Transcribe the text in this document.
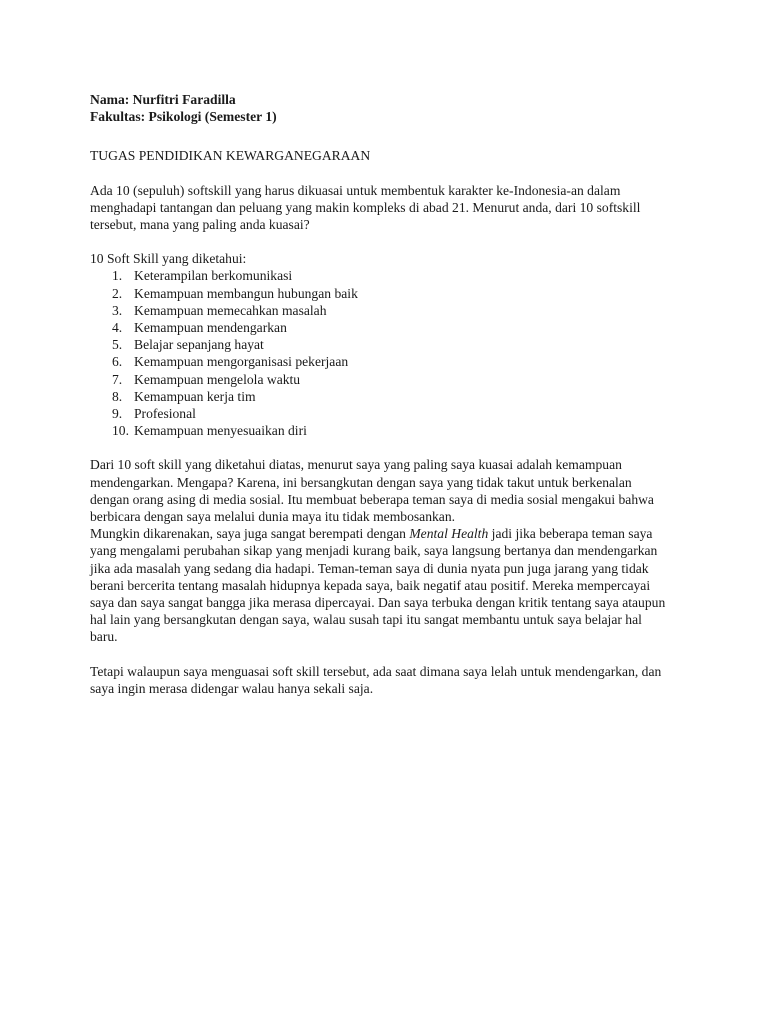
Nama: Nurfitri Faradilla

Fakultas: Psikologi (Semester 1)

TUGAS PENDIDIKAN KEWARGANEGARAAN

Ada 10 (sepuluh) softskill yang harus dikuasai untuk membentuk karakter ke-Indonesia-an dalam
menghadapi tantangan dan peluang yang makin kompleks di abad 21. Menurut anda, dari 10 softskill
tersebut, mana yang paling anda kuasai?
10 Soft Skill yang diketahui:
1. Keterampilan berkomunikasi
2. Kemampuan membangun hubungan baik
3. Kemampuan memecahkan masalah
4. Kemampuan mendengarkan
5. Belajar sepanjang hayat
6. Kemampuan mengorganisasi pekerjaan
7. Kemampuan mengelola waktu
8. Kemampuan kerja tim
9. Profesional
10. Kemampuan menyesuaikan diri
Dari 10 soft skill yang diketahui diatas, menurut saya yang paling saya kuasai adalah kemampuan
mendengarkan. Mengapa? Karena, ini bersangkutan dengan saya yang tidak takut untuk berkenalan
dengan orang asing di media sosial. Itu membuat beberapa teman saya di media sosial mengakui bahwa
berbicara dengan saya melalui dunia maya itu tidak membosankan.
Mungkin dikarenakan, saya juga sangat berempati dengan Mental Health jadi jika beberapa teman saya
yang mengalami perubahan sikap yang menjadi kurang baik, saya langsung bertanya dan mendengarkan
jika ada masalah yang sedang dia hadapi. Teman-teman saya di dunia nyata pun juga jarang yang tidak
berani bercerita tentang masalah hidupnya kepada saya, baik negatif atau positif. Mereka mempercayai
saya dan saya sangat bangga jika merasa dipercayai. Dan saya terbuka dengan kritik tentang saya ataupun
hal lain yang bersangkutan dengan saya, walau susah tapi itu sangat membantu untuk saya belajar hal
baru.
Tetapi walaupun saya menguasai soft skill tersebut, ada saat dimana saya lelah untuk mendengarkan, dan
saya ingin merasa didengar walau hanya sekali saja.
